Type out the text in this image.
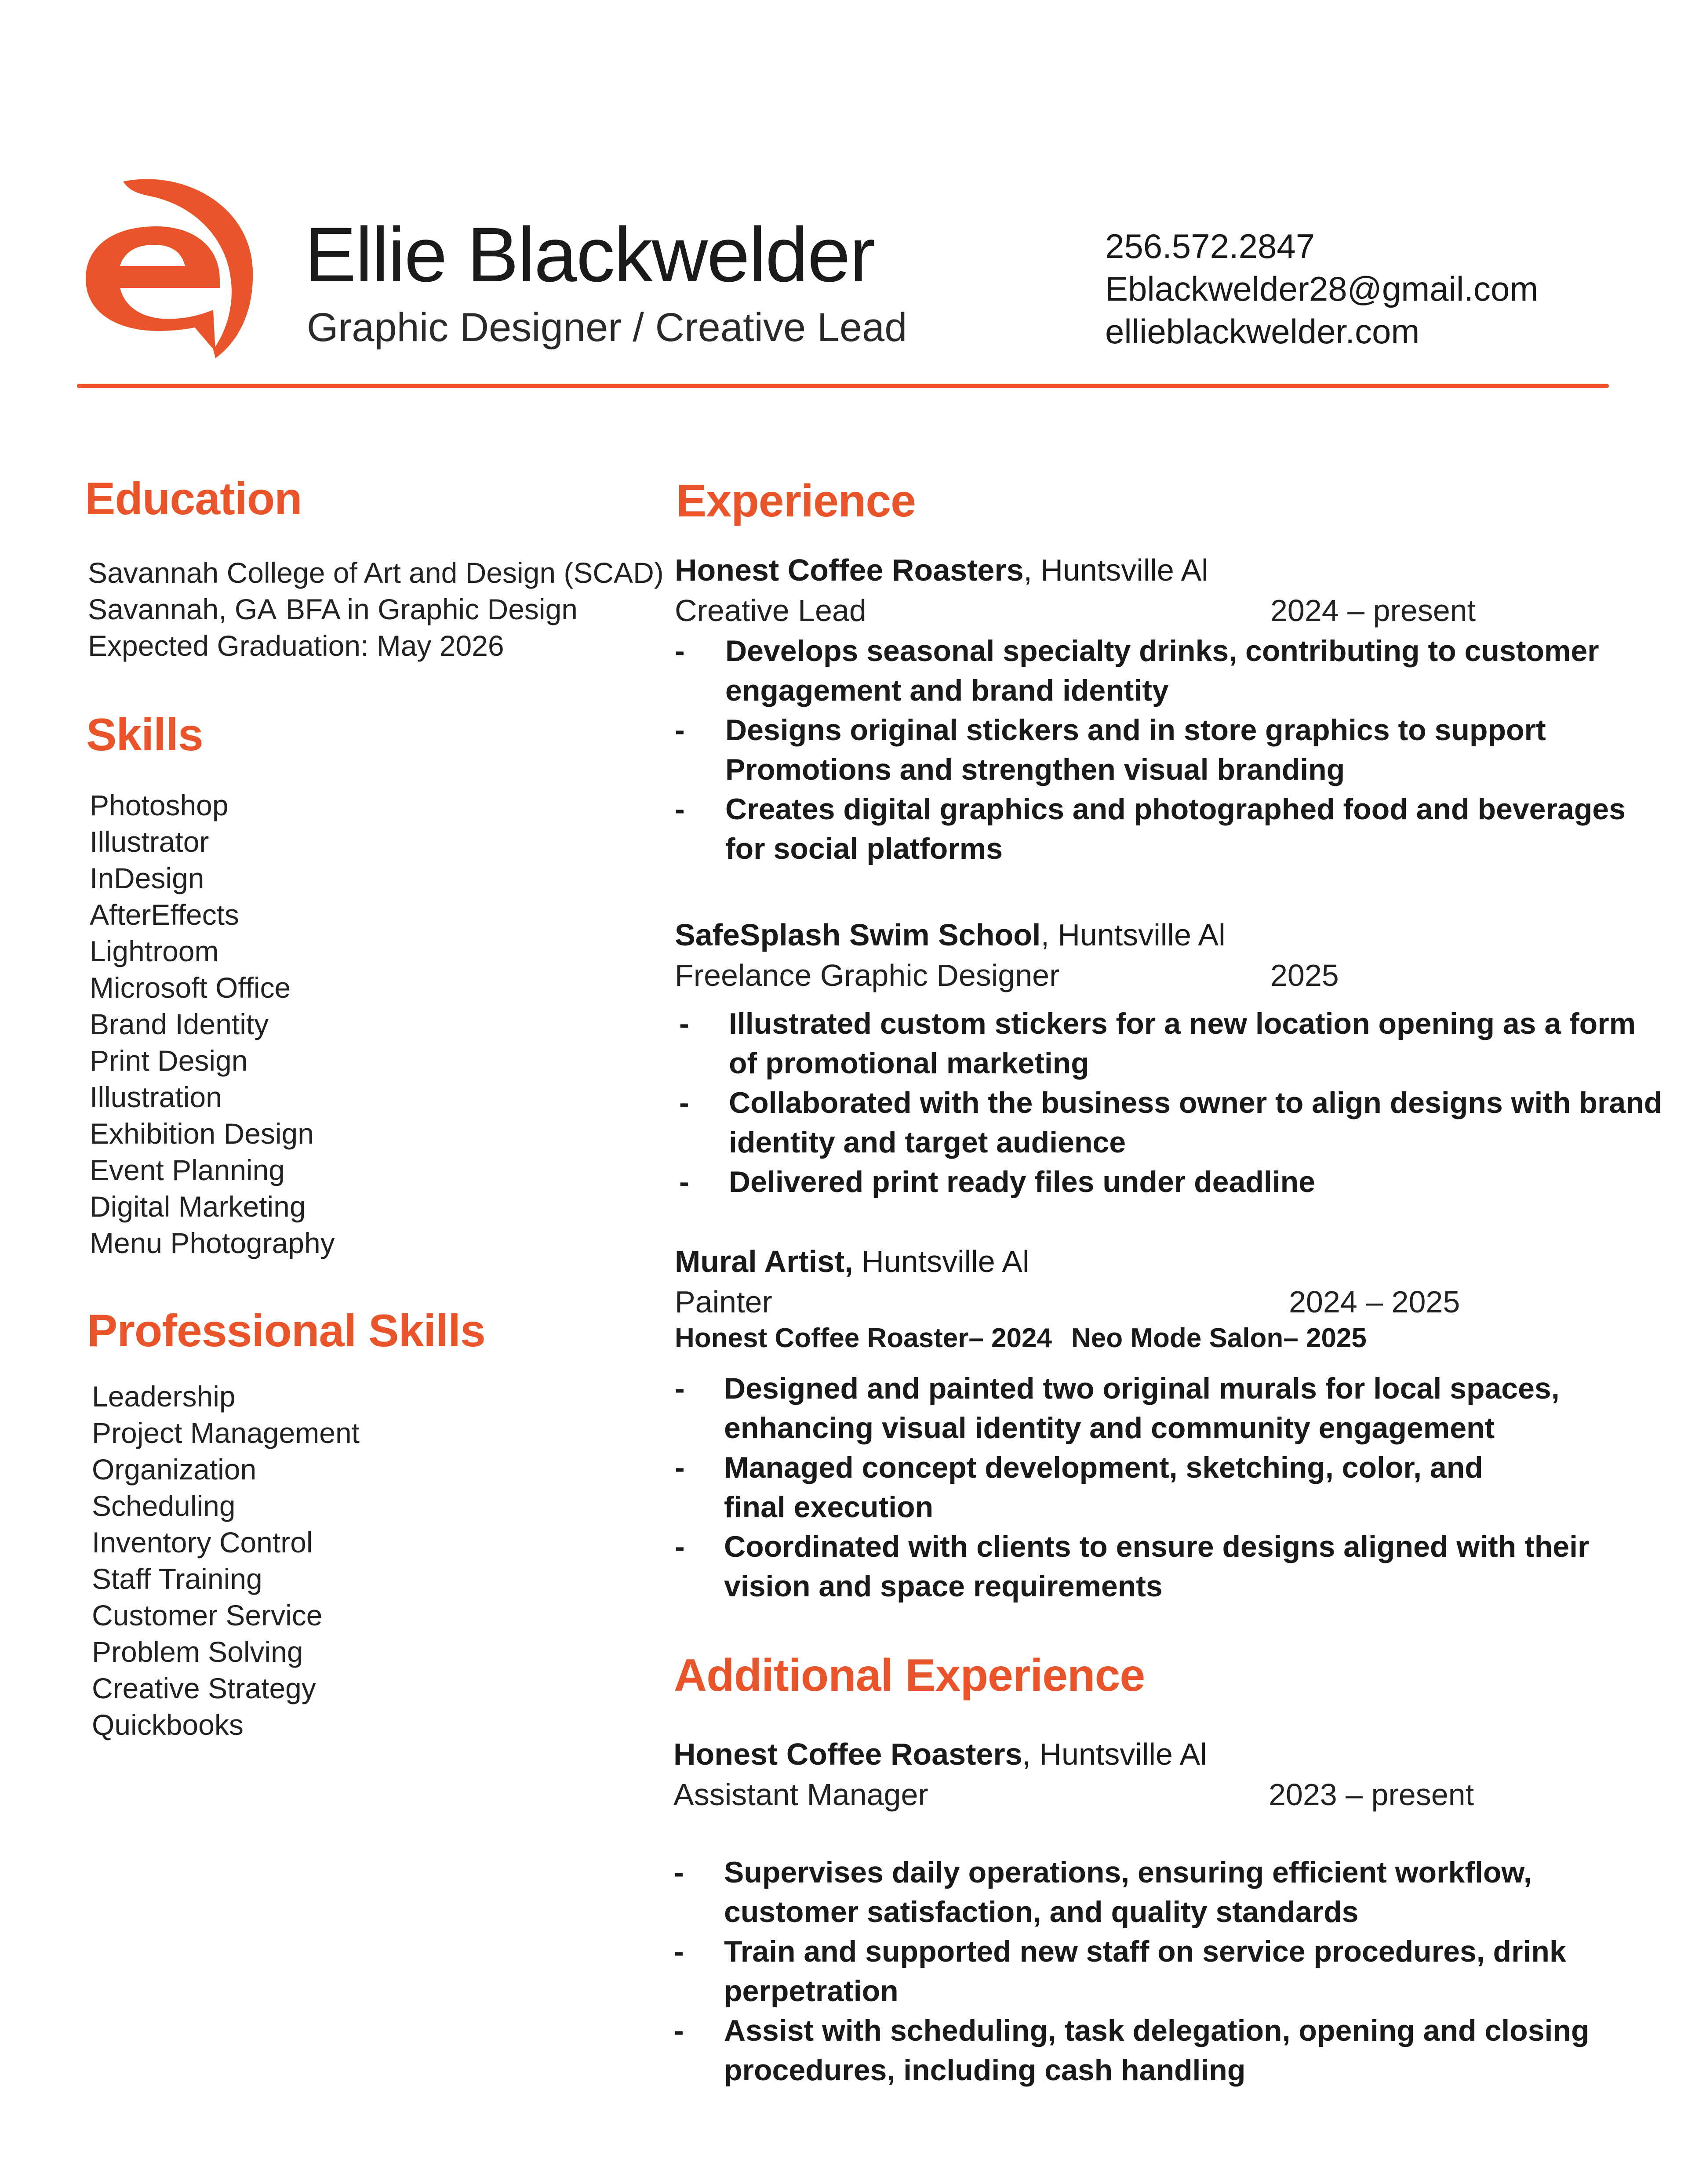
Ellie Blackwelder
Graphic Designer / Creative Lead
256.572.2847
Eblackwelder28@gmail.com
ellieblackwelder.com
Education
Savannah College of Art and Design (SCAD)
Savannah, GA BFA in Graphic Design
Expected Graduation: May 2026
Skills
Photoshop
Illustrator
InDesign
AfterEffects
Lightroom
Microsoft Office
Brand Identity
Print Design
Illustration
Exhibition Design
Event Planning
Digital Marketing
Menu Photography
Professional Skills
Leadership
Project Management
Organization
Scheduling
Inventory Control
Staff Training
Customer Service
Problem Solving
Creative Strategy
Quickbooks
Experience
Honest Coffee Roasters, Huntsville Al
Creative Lead	2024 – present
- Develops seasonal specialty drinks, contributing to customer
engagement and brand identity
- Designs original stickers and in store graphics to support
Promotions and strengthen visual branding
- Creates digital graphics and photographed food and beverages
for social platforms
SafeSplash Swim School, Huntsville Al
Freelance Graphic Designer	2025
- Illustrated custom stickers for a new location opening as a form
of promotional marketing
- Collaborated with the business owner to align designs with brand
identity and target audience
- Delivered print ready files under deadline
Mural Artist, Huntsville Al
Painter	2024 – 2025
Honest Coffee Roaster– 2024 Neo Mode Salon– 2025
- Designed and painted two original murals for local spaces,
enhancing visual identity and community engagement
- Managed concept development, sketching, color, and
final execution
- Coordinated with clients to ensure designs aligned with their
vision and space requirements
Additional Experience
Honest Coffee Roasters, Huntsville Al
Assistant Manager	2023 – present
- Supervises daily operations, ensuring efficient workflow,
customer satisfaction, and quality standards
- Train and supported new staff on service procedures, drink
perpetration
- Assist with scheduling, task delegation, opening and closing
procedures, including cash handling
